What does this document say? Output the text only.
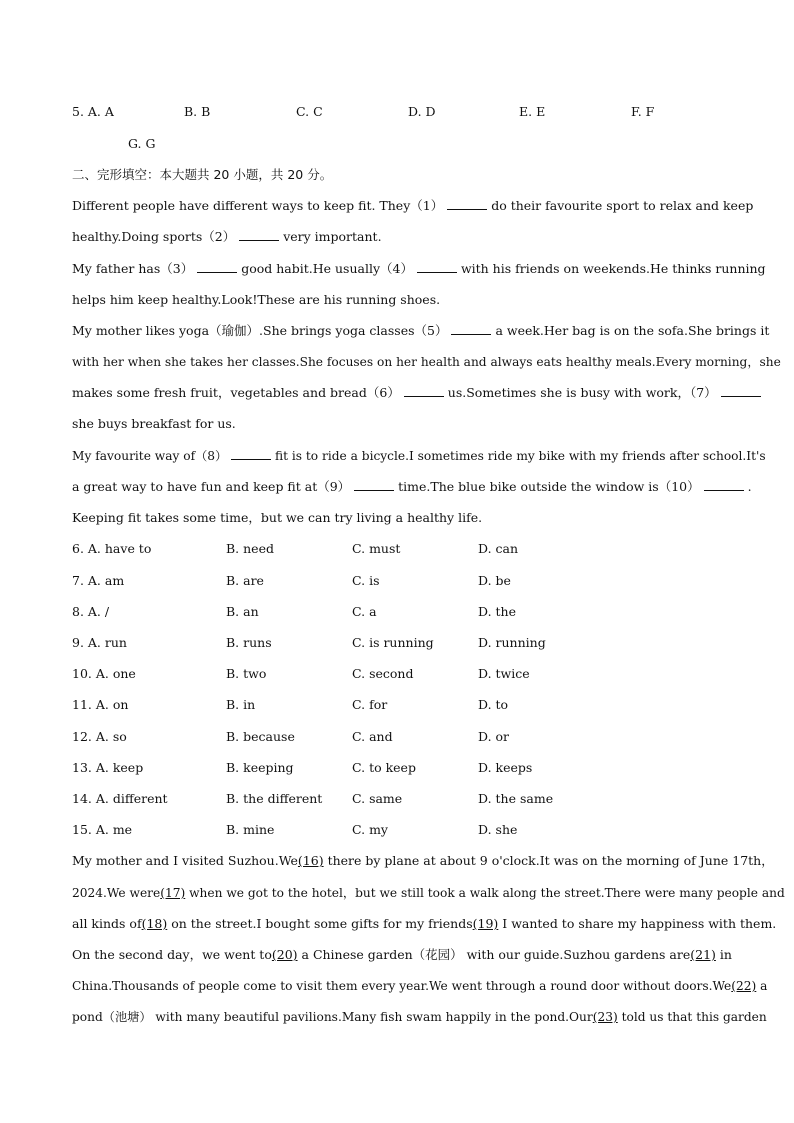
5. A. A	B. B	C. C	D. D	E. E	F. F
G. G
二、完形填空：本大题共 20 小题，共 20 分。
Different people have different ways to keep fit. They（1）	do their favourite sport to relax and keep
healthy.Doing sports（2）	very important.
My father has（3）	good habit.He usually（4）	with his friends on weekends.He thinks running
helps him keep healthy.Look!These are his running shoes.
My mother likes yoga（瑜伽）.She brings yoga classes（5）	a week.Her bag is on the sofa.She brings it
with her when she takes her classes.She focuses on her health and always eats healthy meals.Every morning，she
makes some fresh fruit，vegetables and bread（6）	us.Sometimes she is busy with work，（7）
she buys breakfast for us.
My favourite way of（8）	fit is to ride a bicycle.I sometimes ride my bike with my friends after school.It's
a great way to have fun and keep fit at（9）	time.The blue bike outside the window is（10）	.
Keeping fit takes some time，but we can try living a healthy life.
6. A. have to	B. need	C. must	D. can
7. A. am	B. are	C. is	D. be
8. A. /	B. an	C. a	D. the
9. A. run	B. runs	C. is running	D. running
10. A. one	B. two	C. second	D. twice
11. A. on	B. in	C. for	D. to
12. A. so	B. because	C. and	D. or
13. A. keep	B. keeping	C. to keep	D. keeps
14. A. different	B. the different C. same	D. the same
15. A. me	B. mine	C. my	D. she
My mother and I visited Suzhou.We(16) there by plane at about 9 o'clock.It was on the morning of June 17th，
2024.We were(17) when we got to the hotel，but we still took a walk along the street.There were many people and
all kinds of(18) on the street.I bought some gifts for my friends(19) I wanted to share my happiness with them.
On the second day，we went to(20) a Chinese garden（花园） with our guide.Suzhou gardens are(21) in
China.Thousands of people come to visit them every year.We went through a round door without doors.We(22) a
pond（池塘） with many beautiful pavilions.Many fish swam happily in the pond.Our(23) told us that this garden
